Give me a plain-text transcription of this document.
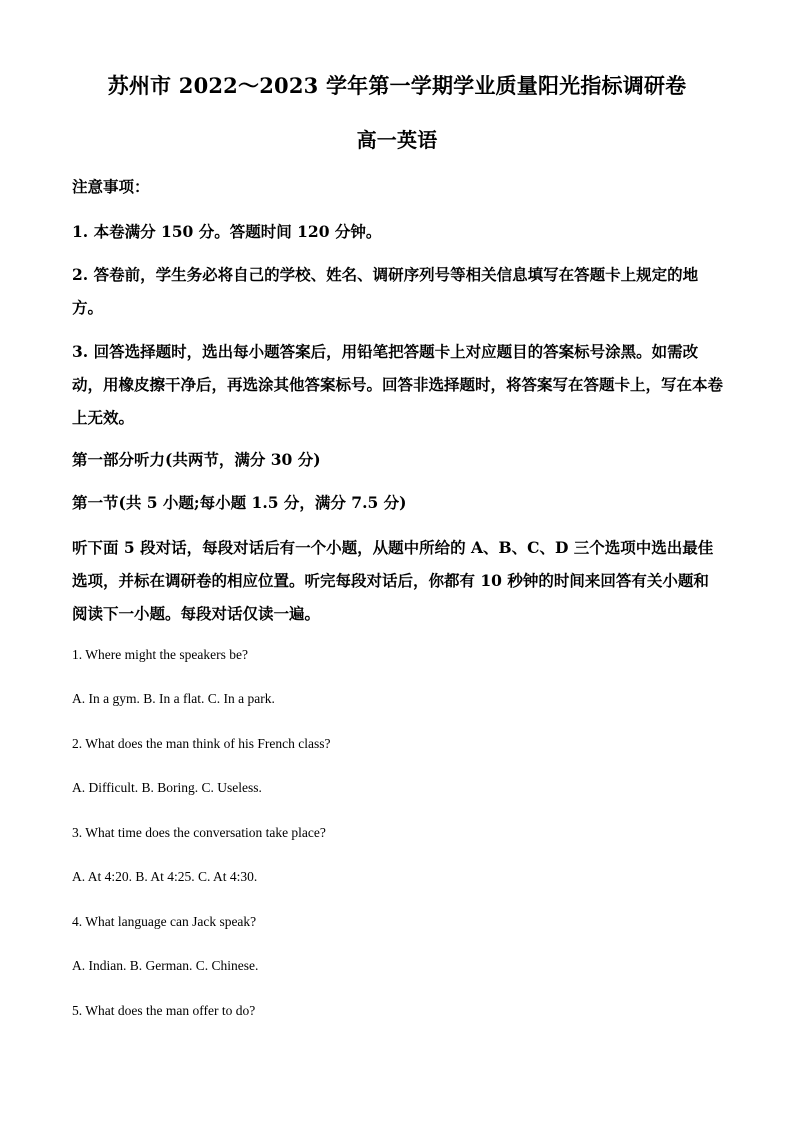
苏州市 2022～2023 学年第一学期学业质量阳光指标调研卷
高一英语
注意事项：
1. 本卷满分 150 分。答题时间 120 分钟。
2. 答卷前，学生务必将自己的学校、姓名、调研序列号等相关信息填写在答题卡上规定的地方。
3. 回答选择题时，选出每小题答案后，用铅笔把答题卡上对应题目的答案标号涂黑。如需改动，用橡皮擦干净后，再选涂其他答案标号。回答非选择题时，将答案写在答题卡上，写在本卷上无效。
第一部分听力(共两节，满分 30 分)
第一节(共 5 小题;每小题 1.5 分，满分 7.5 分)
听下面 5 段对话，每段对话后有一个小题，从题中所给的 A、B、C、D 三个选项中选出最佳选项，并标在调研卷的相应位置。听完每段对话后，你都有 10 秒钟的时间来回答有关小题和阅读下一小题。每段对话仅读一遍。
1. Where might the speakers be?
A. In a gym. B. In a flat. C. In a park.
2. What does the man think of his French class?
A. Difficult. B. Boring. C. Useless.
3. What time does the conversation take place?
A. At 4:20. B. At 4:25. C. At 4:30.
4. What language can Jack speak?
A. Indian. B. German. C. Chinese.
5. What does the man offer to do?
